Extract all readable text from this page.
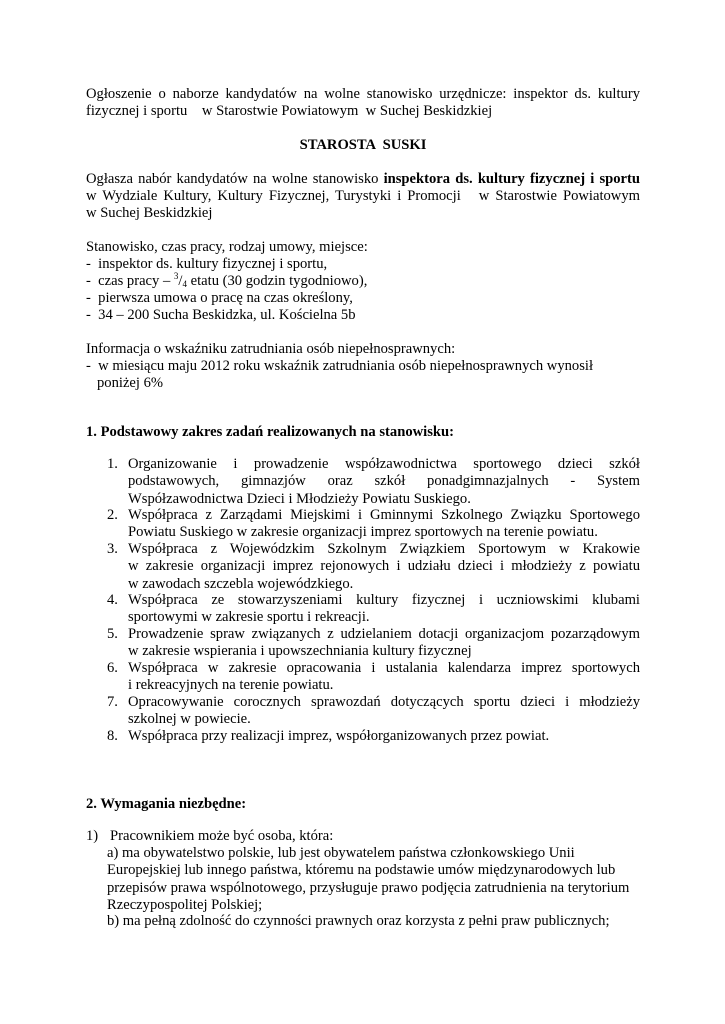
Ogłoszenie o naborze kandydatów na wolne stanowisko urzędnicze: inspektor ds. kultury
fizycznej i sportu    w Starostwie Powiatowym  w Suchej Beskidzkiej
STAROSTA  SUSKI
Ogłasza nabór kandydatów na wolne stanowisko inspektora ds. kultury fizycznej i sportu
w Wydziale Kultury, Kultury Fizycznej, Turystyki i Promocji   w Starostwie Powiatowym
w Suchej Beskidzkiej
Stanowisko, czas pracy, rodzaj umowy, miejsce:
-  inspektor ds. kultury fizycznej i sportu,
-  czas pracy – $^3/_4$ etatu (30 godzin tygodniowo),
-  pierwsza umowa o pracę na czas określony,
-  34 – 200 Sucha Beskidzka, ul. Kościelna 5b
Informacja o wskaźniku zatrudniania osób niepełnosprawnych:
-  w miesiącu maju 2012 roku wskaźnik zatrudniania osób niepełnosprawnych wynosił
poniżej 6%
1. Podstawowy zakres zadań realizowanych na stanowisku:
1. Organizowanie   i   prowadzenie   współzawodnictwa   sportowego   dzieci   szkół
podstawowych,     gimnazjów     oraz     szkół     ponadgimnazjalnych     -     System
Współzawodnictwa Dzieci i Młodzieży Powiatu Suskiego.
2. Współpraca  z  Zarządami  Miejskimi  i  Gminnymi  Szkolnego  Związku  Sportowego
Powiatu Suskiego w zakresie organizacji imprez sportowych na terenie powiatu.
3. Współpraca  z  Wojewódzkim  Szkolnym  Związkiem  Sportowym  w  Krakowie
w zakresie organizacji imprez rejonowych i udziału dzieci i młodzieży z powiatu
w zawodach szczebla wojewódzkiego.
4. Współpraca  ze  stowarzyszeniami  kultury  fizycznej  i  uczniowskimi  klubami
sportowymi w zakresie sportu i rekreacji.
5. Prowadzenie spraw związanych z udzielaniem dotacji organizacjom pozarządowym
w zakresie wspierania i upowszechniania kultury fizycznej
6. Współpraca  w  zakresie  opracowania  i  ustalania  kalendarza  imprez  sportowych
i rekreacyjnych na terenie powiatu.
7. Opracowywanie  corocznych  sprawozdań  dotyczących  sportu  dzieci  i  młodzieży
szkolnej w powiecie.
8. Współpraca przy realizacji imprez, współorganizowanych przez powiat.
2. Wymagania niezbędne:
1) Pracownikiem może być osoba, która:
a) ma obywatelstwo polskie, lub jest obywatelem państwa członkowskiego Unii
Europejskiej lub innego państwa, któremu na podstawie umów międzynarodowych lub
przepisów prawa wspólnotowego, przysługuje prawo podjęcia zatrudnienia na terytorium
Rzeczypospolitej Polskiej;
b) ma pełną zdolność do czynności prawnych oraz korzysta z pełni praw publicznych;
